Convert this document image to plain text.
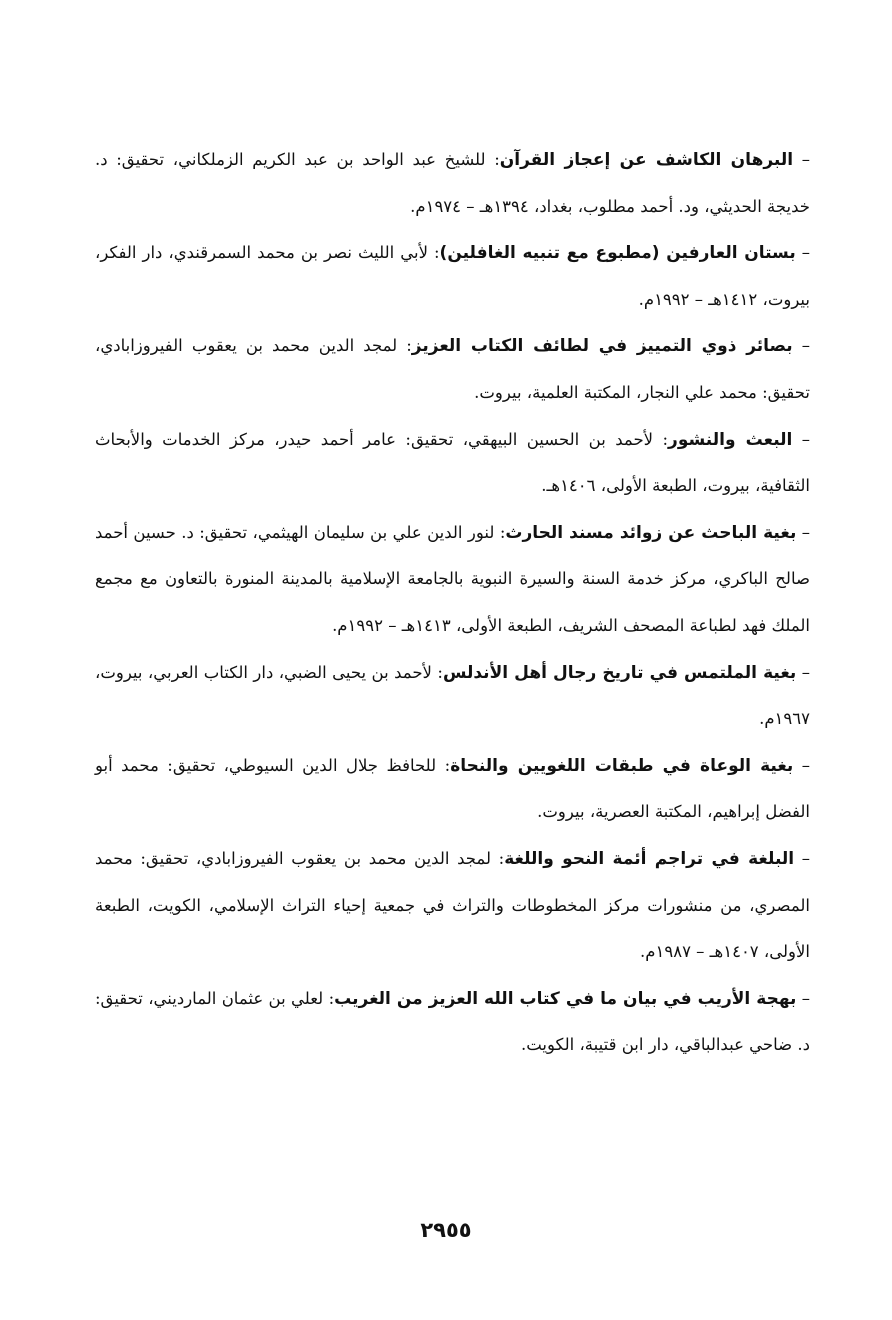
– البرهان الكاشف عن إعجاز القرآن: للشيخ عبد الواحد بن عبد الكريم الزملكاني، تحقيق: د. خديجة الحديثي، ود. أحمد مطلوب، بغداد، ١٣٩٤هـ – ١٩٧٤م.

– بستان العارفين (مطبوع مع تنبيه الغافلين): لأبي الليث نصر بن محمد السمرقندي، دار الفكر، بيروت، ١٤١٢هـ – ١٩٩٢م.

– بصائر ذوي التمييز في لطائف الكتاب العزيز: لمجد الدين محمد بن يعقوب الفيروزابادي، تحقيق: محمد علي النجار، المكتبة العلمية، بيروت.

– البعث والنشور: لأحمد بن الحسين البيهقي، تحقيق: عامر أحمد حيدر، مركز الخدمات والأبحاث الثقافية، بيروت، الطبعة الأولى، ١٤٠٦هـ.

– بغية الباحث عن زوائد مسند الحارث: لنور الدين علي بن سليمان الهيثمي، تحقيق: د. حسين أحمد صالح الباكري، مركز خدمة السنة والسيرة النبوية بالجامعة الإسلامية بالمدينة المنورة بالتعاون مع مجمع الملك فهد لطباعة المصحف الشريف، الطبعة الأولى، ١٤١٣هـ – ١٩٩٢م.

– بغية الملتمس في تاريخ رجال أهل الأندلس: لأحمد بن يحيى الضبي، دار الكتاب العربي، بيروت، ١٩٦٧م.

– بغية الوعاة في طبقات اللغويين والنحاة: للحافظ جلال الدين السيوطي، تحقيق: محمد أبو الفضل إبراهيم، المكتبة العصرية، بيروت.

– البلغة في تراجم أئمة النحو واللغة: لمجد الدين محمد بن يعقوب الفيروزابادي، تحقيق: محمد المصري، من منشورات مركز المخطوطات والتراث في جمعية إحياء التراث الإسلامي، الكويت، الطبعة الأولى، ١٤٠٧هـ – ١٩٨٧م.

– بهجة الأريب في بيان ما في كتاب الله العزيز من الغريب: لعلي بن عثمان المارديني، تحقيق: د. ضاحي عبدالباقي، دار ابن قتيبة، الكويت.

٢٩٥٥
